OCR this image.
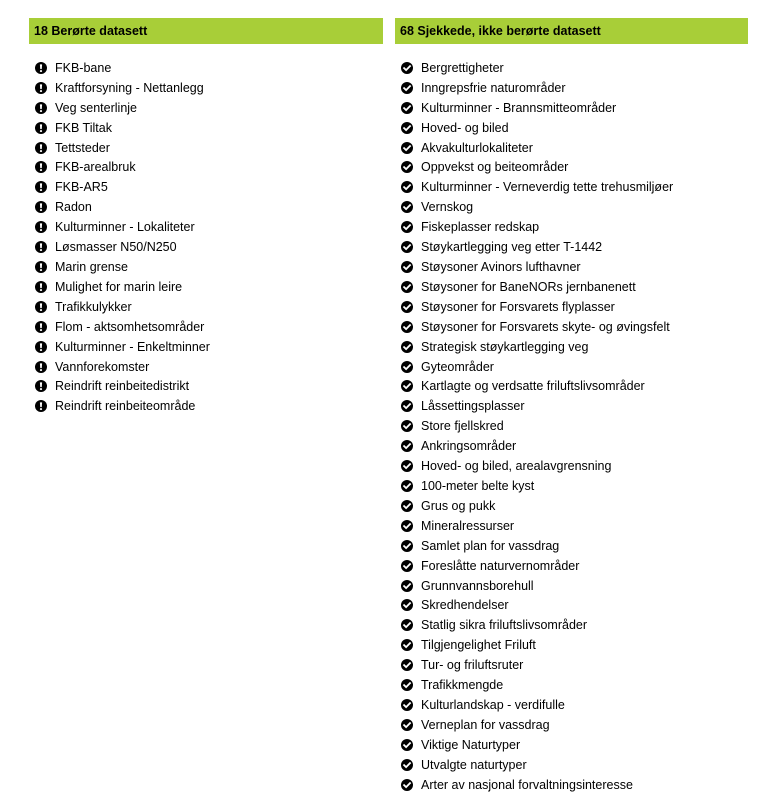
18 Berørte datasett
FKB-bane
Kraftforsyning - Nettanlegg
Veg senterlinje
FKB Tiltak
Tettsteder
FKB-arealbruk
FKB-AR5
Radon
Kulturminner - Lokaliteter
Løsmasser N50/N250
Marin grense
Mulighet for marin leire
Trafikkulykker
Flom - aktsomhetsområder
Kulturminner - Enkeltminner
Vannforekomster
Reindrift reinbeitedistrikt
Reindrift reinbeiteområde
68 Sjekkede, ikke berørte datasett
Bergrettigheter
Inngrepsfrie naturområder
Kulturminner - Brannsmitteområder
Hoved- og biled
Akvakulturlokaliteter
Oppvekst og beiteområder
Kulturminner - Verneverdig tette trehusmiljøer
Vernskog
Fiskeplasser redskap
Støykartlegging veg etter T-1442
Støysoner Avinors lufthavner
Støysoner for BaneNORs jernbanenett
Støysoner for Forsvarets flyplasser
Støysoner for Forsvarets skyte- og øvingsfelt
Strategisk støykartlegging veg
Gyteområder
Kartlagte og verdsatte friluftslivsområder
Låssettingsplasser
Store fjellskred
Ankringsområder
Hoved- og biled, arealavgrensning
100-meter belte kyst
Grus og pukk
Mineralressurser
Samlet plan for vassdrag
Foreslåtte naturvernområder
Grunnvannsborehull
Skredhendelser
Statlig sikra friluftslivsområder
Tilgjengelighet Friluft
Tur- og friluftsruter
Trafikkmengde
Kulturlandskap - verdifulle
Verneplan for vassdrag
Viktige Naturtyper
Utvalgte naturtyper
Arter av nasjonal forvaltningsinteresse
